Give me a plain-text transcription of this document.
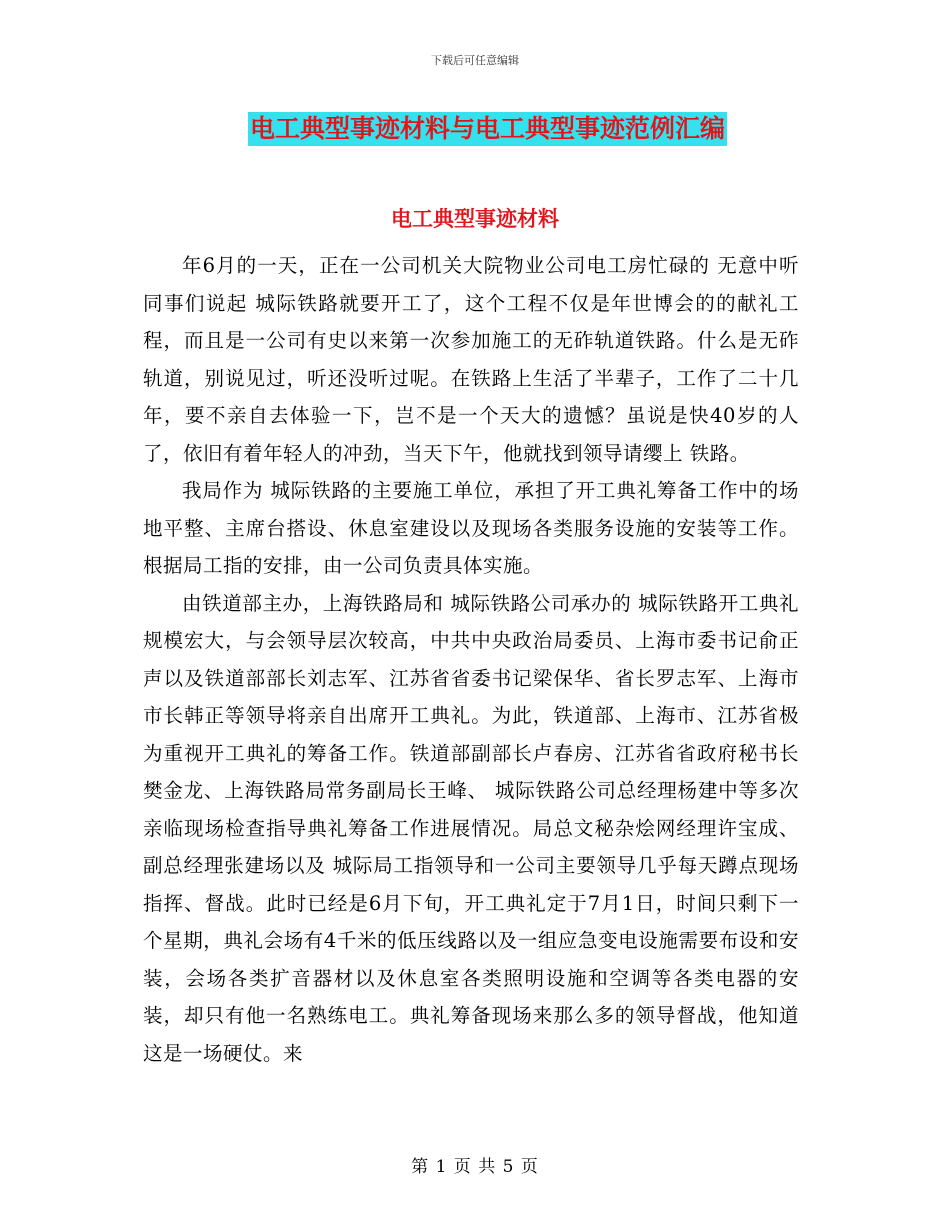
下载后可任意编辑
电工典型事迹材料与电工典型事迹范例汇编
电工典型事迹材料

年6月的一天，正在一公司机关大院物业公司电工房忙碌的 无意中听同事们说起 城际铁路就要开工了，这个工程不仅是年世博会的的献礼工程，而且是一公司有史以来第一次参加施工的无砟轨道铁路。什么是无砟轨道，别说见过，听还没听过呢。在铁路上生活了半辈子，工作了二十几年，要不亲自去体验一下，岂不是一个天大的遗憾？虽说是快40岁的人了，依旧有着年轻人的冲劲，当天下午，他就找到领导请缨上 铁路。

我局作为 城际铁路的主要施工单位，承担了开工典礼筹备工作中的场地平整、主席台搭设、休息室建设以及现场各类服务设施的安装等工作。根据局工指的安排，由一公司负责具体实施。

由铁道部主办，上海铁路局和 城际铁路公司承办的 城际铁路开工典礼规模宏大，与会领导层次较高，中共中央政治局委员、上海市委书记俞正声以及铁道部部长刘志军、江苏省省委书记梁保华、省长罗志军、上海市市长韩正等领导将亲自出席开工典礼。为此，铁道部、上海市、江苏省极为重视开工典礼的筹备工作。铁道部副部长卢春房、江苏省省政府秘书长樊金龙、上海铁路局常务副局长王峰、 城际铁路公司总经理杨建中等多次亲临现场检查指导典礼筹备工作进展情况。局总文秘杂烩网经理许宝成、副总经理张建场以及 城际局工指领导和一公司主要领导几乎每天蹲点现场指挥、督战。此时已经是6月下旬，开工典礼定于7月1日，时间只剩下一个星期，典礼会场有4千米的低压线路以及一组应急变电设施需要布设和安装，会场各类扩音器材以及休息室各类照明设施和空调等各类电器的安装，却只有他一名熟练电工。典礼筹备现场来那么多的领导督战，他知道这是一场硬仗。来

第 1 页 共 5 页
